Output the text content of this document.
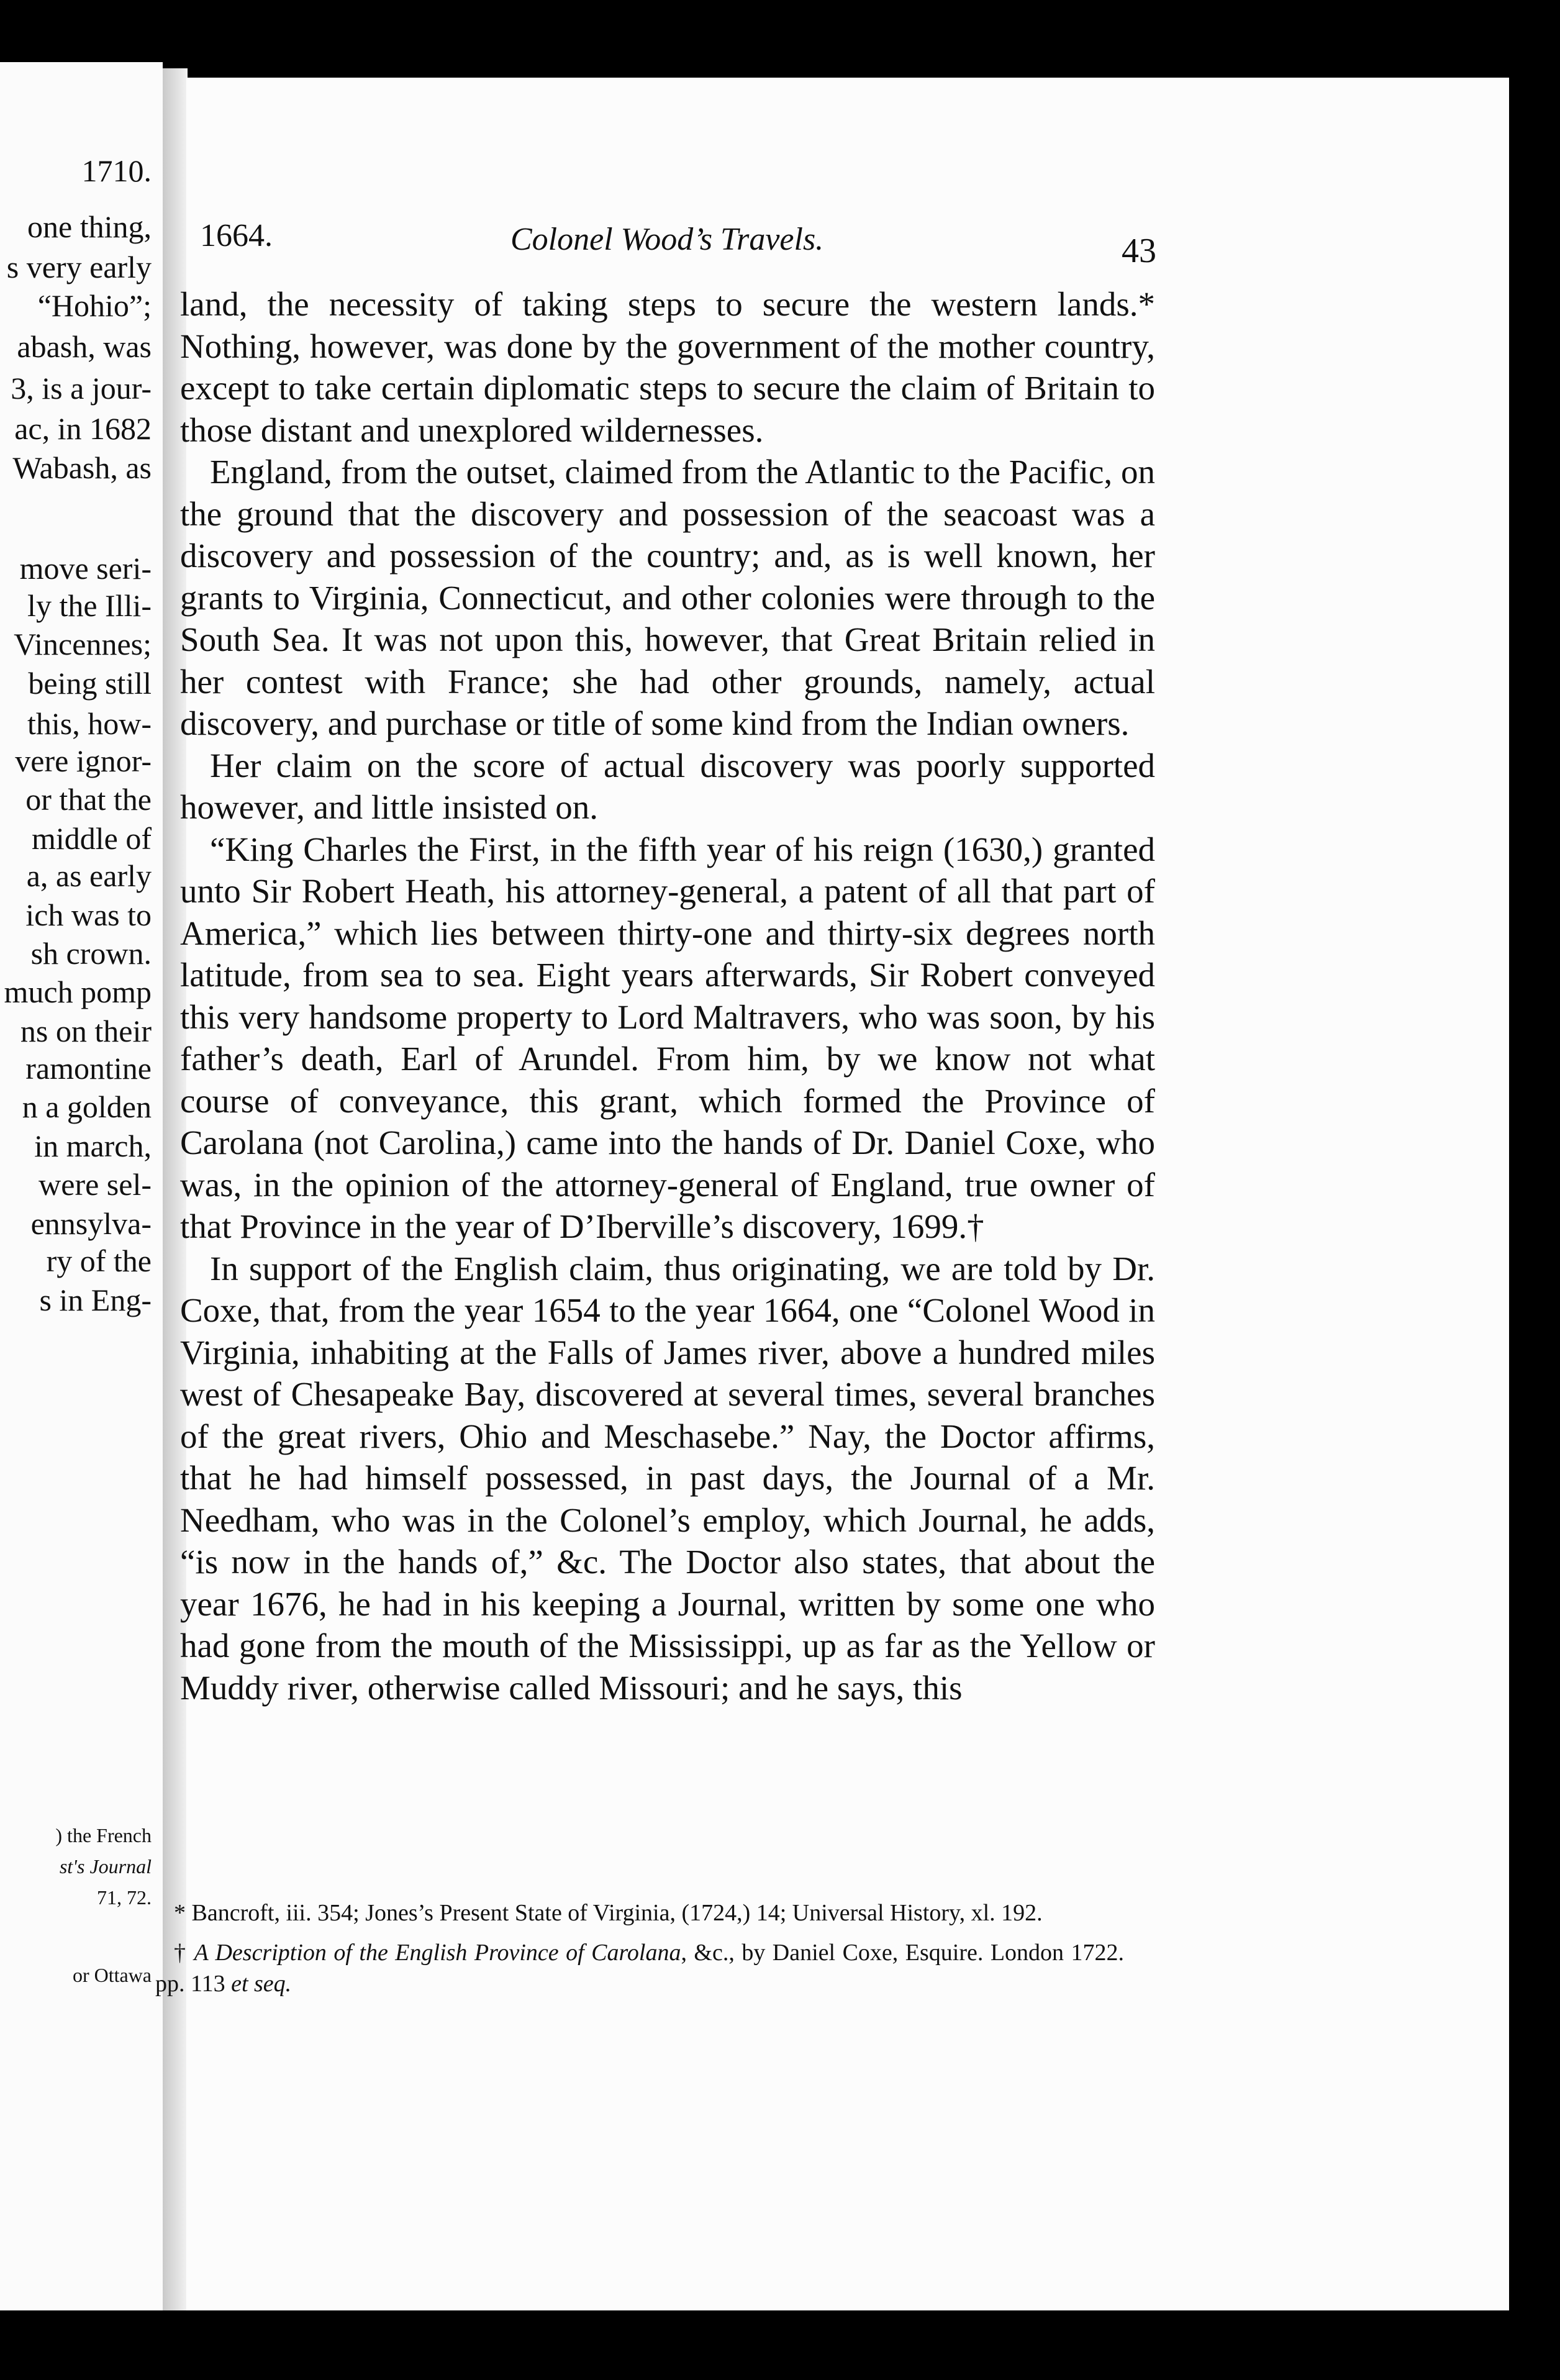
1710.
one thing,
s very early
“Hohio”;
abash, was
3, is a jour-
ac, in 1682
Wabash, as
move seri-
ly the Illi-
Vincennes;
being still
this, how-
vere ignor-
or that the
middle of
a, as early
ich was to
sh crown.
much pomp
ns on their
ramontine
n a golden
in march,
were sel-
ennsylva-
ry of the
s in Eng-
) the French
st's Journal
71, 72.
or Ottawa
1664.	Colonel Wood’s Travels.	43

land, the necessity of taking steps to secure the western lands.* Nothing, however, was done by the government of the mother country, except to take certain diplomatic steps to secure the claim of Britain to those distant and unexplored wildernesses.

England, from the outset, claimed from the Atlantic to the Pacific, on the ground that the discovery and possession of the seacoast was a discovery and possession of the country; and, as is well known, her grants to Virginia, Connecticut, and other colonies were through to the South Sea. It was not upon this, however, that Great Britain relied in her contest with France; she had other grounds, namely, actual discovery, and purchase or title of some kind from the Indian owners.

Her claim on the score of actual discovery was poorly supported however, and little insisted on.

“King Charles the First, in the fifth year of his reign (1630,) granted unto Sir Robert Heath, his attorney-general, a patent of all that part of America,” which lies between thirty-one and thirty-six degrees north latitude, from sea to sea. Eight years afterwards, Sir Robert conveyed this very handsome property to Lord Maltravers, who was soon, by his father’s death, Earl of Arundel. From him, by we know not what course of conveyance, this grant, which formed the Province of Carolana (not Carolina,) came into the hands of Dr. Daniel Coxe, who was, in the opinion of the attorney-general of England, true owner of that Province in the year of D’Iberville’s discovery, 1699.†

In support of the English claim, thus originating, we are told by Dr. Coxe, that, from the year 1654 to the year 1664, one “Colonel Wood in Virginia, inhabiting at the Falls of James river, above a hundred miles west of Chesapeake Bay, discovered at several times, several branches of the great rivers, Ohio and Meschasebe.” Nay, the Doctor affirms, that he had himself possessed, in past days, the Journal of a Mr. Needham, who was in the Colonel’s employ, which Journal, he adds, “is now in the hands of,” &c. The Doctor also states, that about the year 1676, he had in his keeping a Journal, written by some one who had gone from the mouth of the Mississippi, up as far as the Yellow or Muddy river, otherwise called Missouri; and he says, this

* Bancroft, iii. 354; Jones’s Present State of Virginia, (1724,) 14; Universal History, xl. 192.

† A Description of the English Province of Carolana, &c., by Daniel Coxe, Esquire. London 1722. pp. 113 et seq.
